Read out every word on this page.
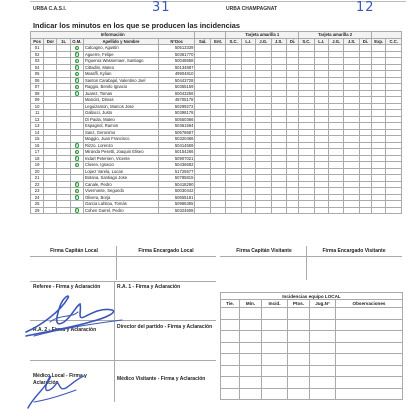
URBA C.A.S.I.	URBA CHAMPAGNAT
31	12
Indicar los minutos en los que se producen las incidencias
Información								Tarjeta amarilla 1					Tarjeta amarilla 2						
Pos	Dor	1L	O.M.	Apellido y Nombre	N°Doc	Sal.	Ent.	S.C.	L.I.	J.G.	J.S.	Di.	S.C.	L.I.	J.G.	J.S.	Di.	Exp.	C.C.
01			1	Calcagno, Agustin	50513339														
02			1	Aguerre, Felipe	50361770														
03			1	Figueroa Wassemaer, Santiago	50048658														
04			1	Cittadini, Mateo	50134887														
05			1	Maraffi, Kylian	49904810														
06			1	Santos Carabajal, Valentino Joel	50443728														
07			1	Raggio, Benito Ignacio	50355159														
08			1	Juarez, Tomas	50043256														
09				Mancini, Dimas	48705178														
10				Leguizamon, Marcos Jose	50299272														
11				Gallacci, Justo	50398178														
12				Di Paola, Mateo	50550366														
13				Espagnol, Ramon	50361594														
14				Sanz, Geronimo	50678687														
15				Maggio, Juan Francisco	50320466														
16			1	Rizzo, Lorenzo	50414569														
17			1	Miranda Pesetti, Joaquin Eliseo	50154266														
18			1	Indart Petersen, Vicente	50907021														
19			1	Clusen, Ignacio	50436682														
20				Lopez Varela, Lucas	51725577														
21				Botana, Santiago Jose	50785815														
22			1	Canale, Pedro	50418290														
23			1	Vivernonte, Segundo	50030442														
24			1	Olivera, Borja	50655181														
25				Garcia Lahitou, Tomás	50966355														
29			1	Cohen Garrel, Pedro	50324608														
Firma Capitán Local	Firma Encargado Local	Firma Capitán Visitante	Firma Encargado Visitante
Referee - Firma y Aclaración	R.A. 1 - Firma y Aclaración
R.A. 2 - Firma y Aclaración	Director del partido - Firma y Aclaración
Médico Local - Firma y Aclaración
Médico Visitante - Firma y Aclaración
Incidencias equipo LOCAL					
Tie.	Min.	Incid.	Ptos.	Jug.N°	Observaciones
